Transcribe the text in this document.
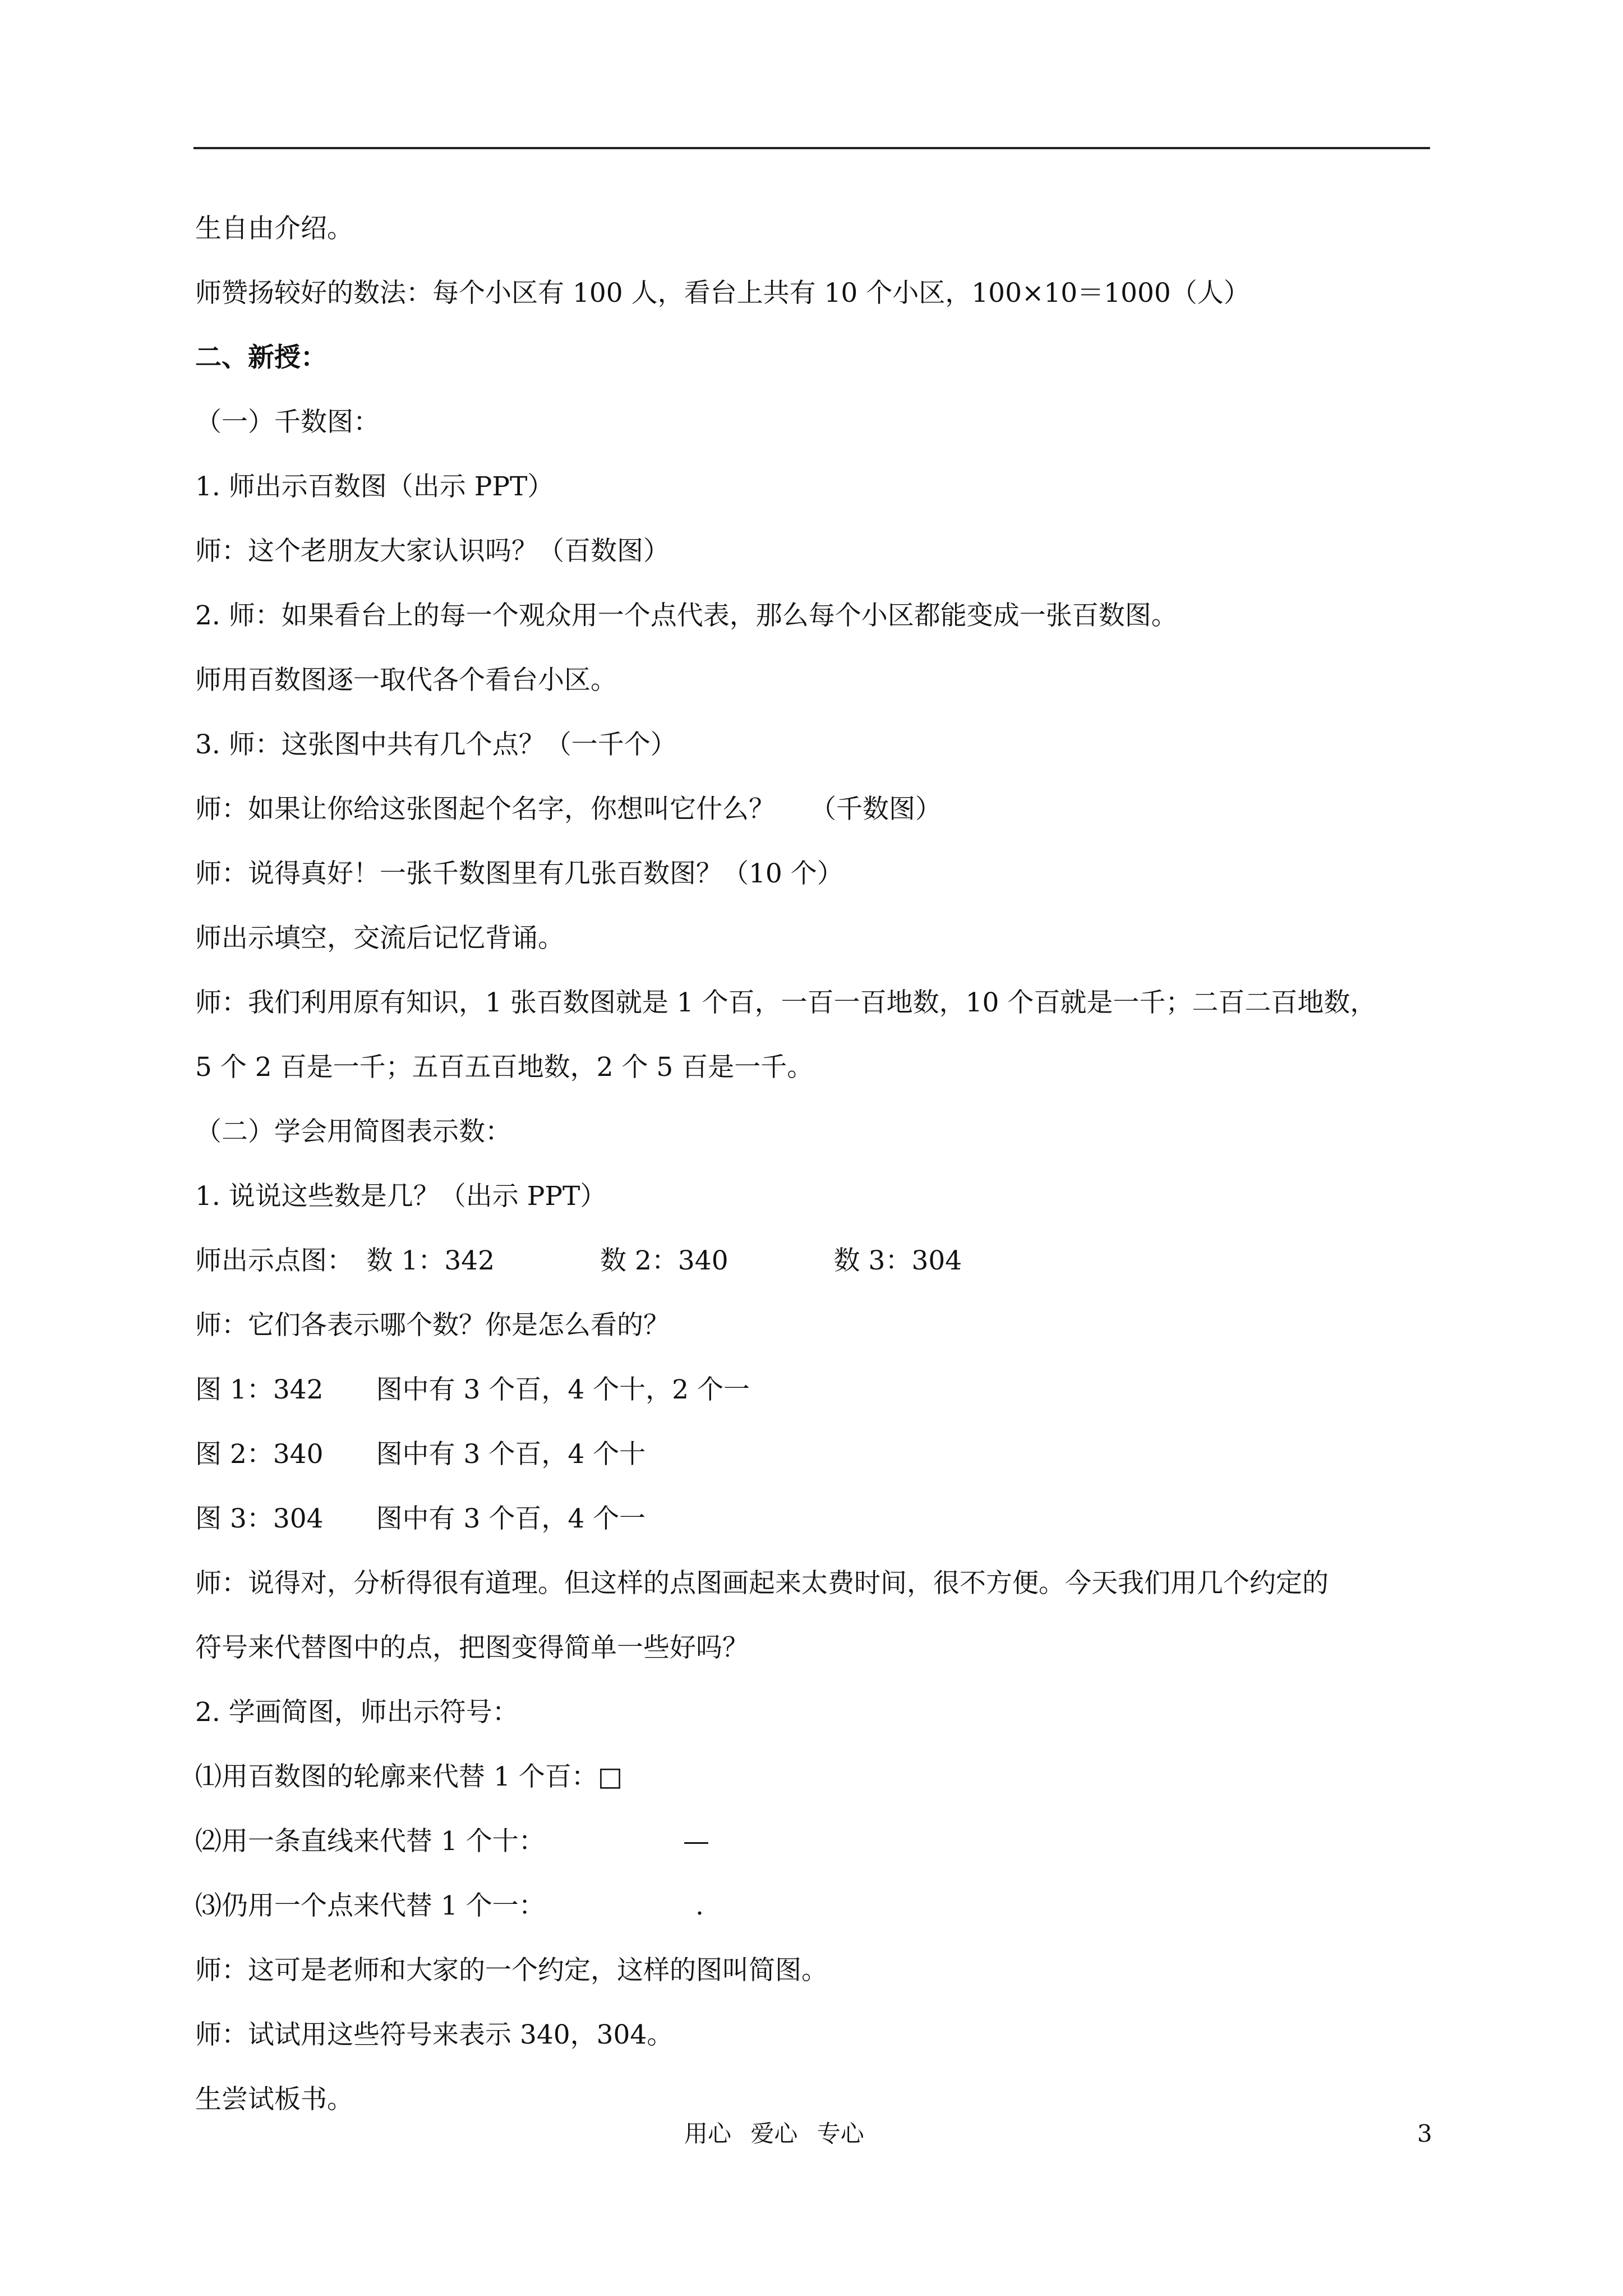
生自由介绍。
师赞扬较好的数法：每个小区有 100 人，看台上共有 10 个小区，100×10＝1000（人）
二、新授：
（一）千数图：
1. 师出示百数图（出示 PPT）
师：这个老朋友大家认识吗？（百数图）
2. 师：如果看台上的每一个观众用一个点代表，那么每个小区都能变成一张百数图。
师用百数图逐一取代各个看台小区。
3. 师：这张图中共有几个点？（一千个）
师：如果让你给这张图起个名字，你想叫它什么？　 （千数图）
师：说得真好！一张千数图里有几张百数图？（10 个）
师出示填空，交流后记忆背诵。
师：我们利用原有知识，1 张百数图就是 1 个百，一百一百地数，10 个百就是一千；二百二百地数，
5 个 2 百是一千；五百五百地数，2 个 5 百是一千。
（二）学会用简图表示数：
1. 说说这些数是几？（出示 PPT）
师出示点图：　数 1：342　　　　数 2：340　　　　数 3：304
师：它们各表示哪个数？你是怎么看的？
图 1：342　　图中有 3 个百，4 个十，2 个一
图 2：340　　图中有 3 个百，4 个十
图 3：304　　图中有 3 个百，4 个一
师：说得对，分析得很有道理。但这样的点图画起来太费时间，很不方便。今天我们用几个约定的
符号来代替图中的点，把图变得简单一些好吗？
2. 学画简图，师出示符号：
⑴用百数图的轮廓来代替 1 个百：□
⑵用一条直线来代替 1 个十：	—
⑶仍用一个点来代替 1 个一：	.
师：这可是老师和大家的一个约定，这样的图叫简图。
师：试试用这些符号来表示 340，304。
生尝试板书。
用心 爱心 专心	3
